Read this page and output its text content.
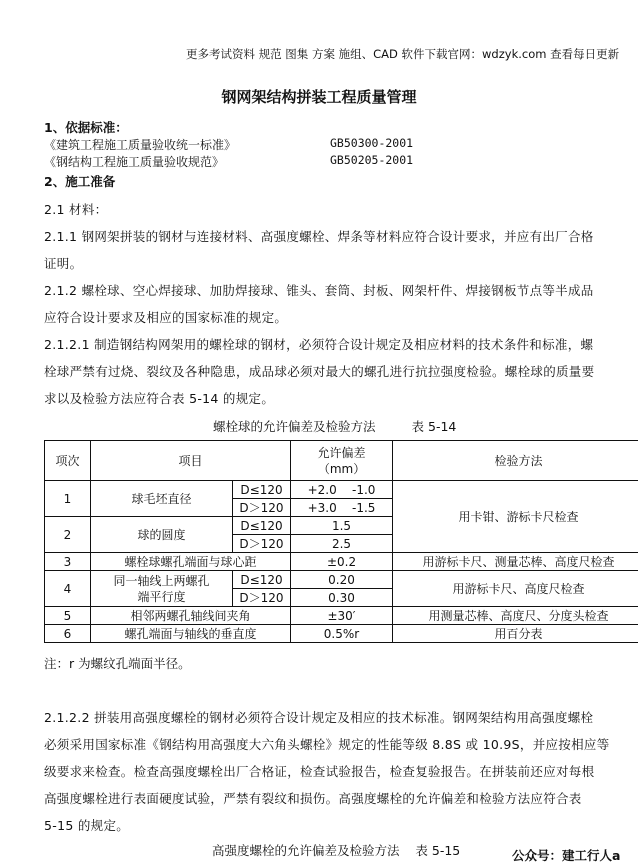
更多考试资料 规范 图集 方案 施组、CAD 软件下载官网：wdzyk.com 查看每日更新
钢网架结构拼装工程质量管理
1、依据标准：
《建筑工程施工质量验收统一标准》	GB50300-2001
《钢结构工程施工质量验收规范》	GB50205-2001
2、施工准备
2.1 材料：
2.1.1 钢网架拼装的钢材与连接材料、高强度螺栓、焊条等材料应符合设计要求，并应有出厂合格
证明。
2.1.2 螺栓球、空心焊接球、加肋焊接球、锥头、套筒、封板、网架杆件、焊接钢板节点等半成品
应符合设计要求及相应的国家标准的规定。
2.1.2.1 制造钢结构网架用的螺栓球的钢材，必须符合设计规定及相应材料的技术条件和标准，螺
栓球严禁有过烧、裂纹及各种隐患，成品球必须对最大的螺孔进行抗拉强度检验。螺栓球的质量要
求以及检验方法应符合表 5-14 的规定。
螺栓球的允许偏差及检验方法	表 5-14
项次	项目		允许偏差
（mm）	检验方法
1	球毛坯直径	D≤120	+2.0 -1.0	用卡钳、游标卡尺检查
		D＞120	+3.0 -1.5	
2	球的圆度	D≤120	1.5	
		D＞120	2.5	
3	螺栓球螺孔端面与球心距		±0.2	用游标卡尺、测量芯棒、高度尺检查
4	同一轴线上两螺孔
端平行度	D≤120	0.20	用游标卡尺、高度尺检查
		D＞120	0.30	
5	相邻两螺孔轴线间夹角		±30′	用测量芯棒、高度尺、分度头检查
6	螺孔端面与轴线的垂直度		0.5%r	用百分表
注：r 为螺纹孔端面半径。
2.1.2.2 拼装用高强度螺栓的钢材必须符合设计规定及相应的技术标准。钢网架结构用高强度螺栓
必须采用国家标准《钢结构用高强度大六角头螺栓》规定的性能等级 8.8S 或 10.9S，并应按相应等
级要求来检查。检查高强度螺栓出厂合格证，检查试验报告，检查复验报告。在拼装前还应对每根
高强度螺栓进行表面硬度试验，严禁有裂纹和损伤。高强度螺栓的允许偏差和检验方法应符合表
5-15 的规定。
高强度螺栓的允许偏差及检验方法 表 5-15	公众号：建工行人a
